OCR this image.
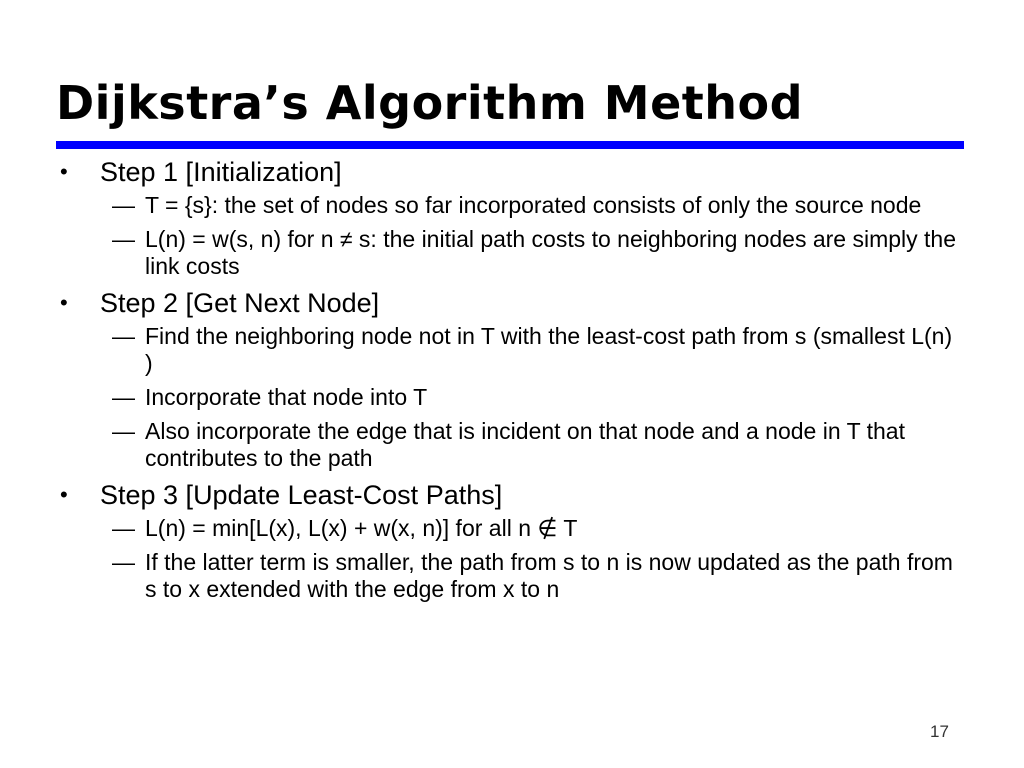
Dijkstra’s Algorithm Method
•	Step 1 [Initialization]
— T = {s}: the set of nodes so far incorporated consists of only the source node
— L(n) = w(s, n) for n ≠ s: the initial path costs to neighboring nodes are simply the link costs
•	Step 2 [Get Next Node]
— Find the neighboring node not in T with the least-cost path from s (smallest L(n) )
— Incorporate that node into T
— Also incorporate the edge that is incident on that node and a node in T that contributes to the path
•	Step 3 [Update Least-Cost Paths]
— L(n) = min[L(x), L(x) + w(x, n)] for all n ∉ T
— If the latter term is smaller, the path from s to n is now updated as the path from s to x extended with the edge from x to n
17
